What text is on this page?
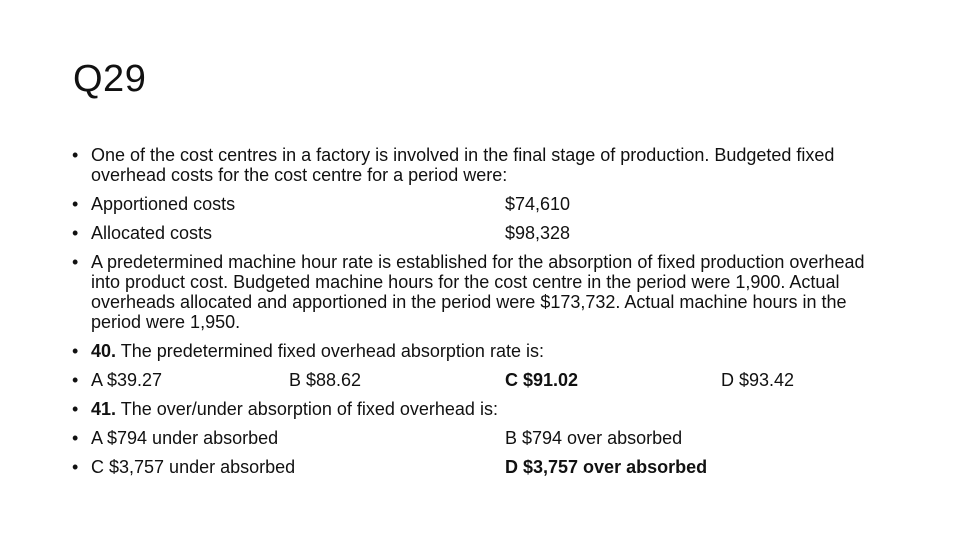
Q29
• One of the cost centres in a factory is involved in the final stage of production. Budgeted fixed overhead costs for the cost centre for a period were:
• Apportioned costs	$74,610
• Allocated costs	$98,328
• A predetermined machine hour rate is established for the absorption of fixed production overhead into product cost. Budgeted machine hours for the cost centre in the period were 1,900. Actual overheads allocated and apportioned in the period were $173,732. Actual machine hours in the period were 1,950.
• 40. The predetermined fixed overhead absorption rate is:
• A $39.27	B $88.62	C $91.02	D $93.42
• 41. The over/under absorption of fixed overhead is:
• A $794 under absorbed	B $794 over absorbed
• C $3,757 under absorbed	D $3,757 over absorbed
